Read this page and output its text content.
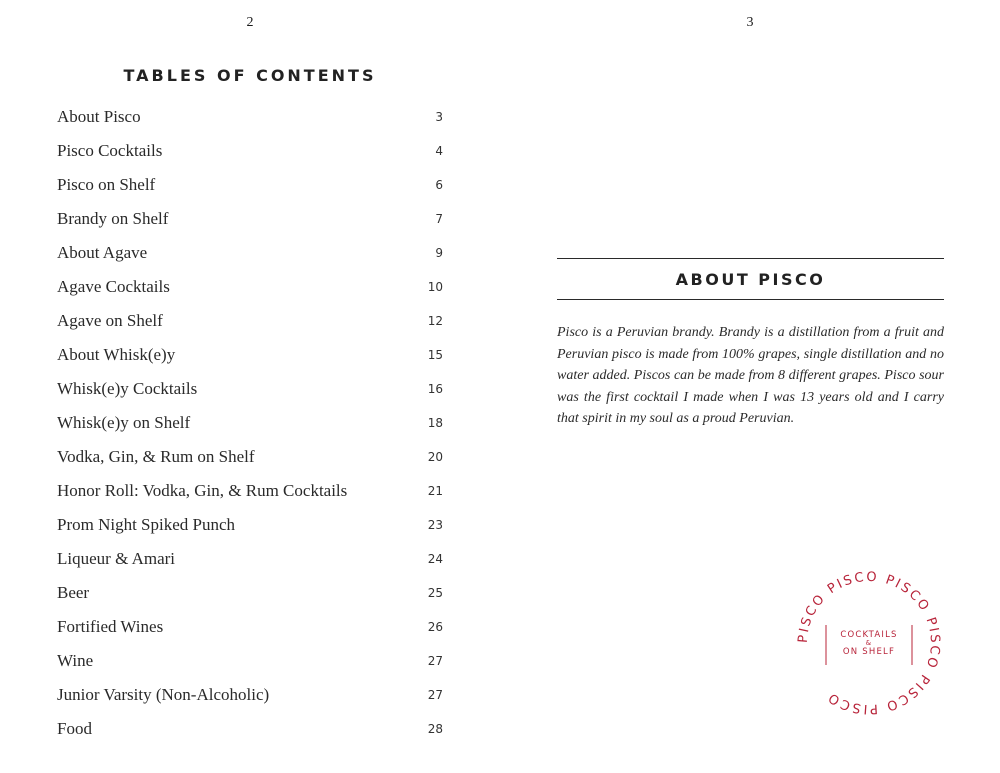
2
TABLES OF CONTENTS
About Pisco	3
Pisco Cocktails	4
Pisco on Shelf	6
Brandy on Shelf	7
About Agave	9
Agave Cocktails	10
Agave on Shelf	12
About Whisk(e)y	15
Whisk(e)y Cocktails	16
Whisk(e)y on Shelf	18
Vodka, Gin, & Rum on Shelf	20
Honor Roll: Vodka, Gin, & Rum Cocktails	21
Prom Night Spiked Punch	23
Liqueur & Amari	24
Beer	25
Fortified Wines	26
Wine	27
Junior Varsity (Non-Alcoholic)	27
Food	28
3
ABOUT PISCO

Pisco is a Peruvian brandy. Brandy is a distillation from a fruit and Peruvian pisco is made from 100% grapes, single distillation and no water added. Piscos can be made from 8 different grapes. Pisco sour was the first cocktail I made when I was 13 years old and I carry that spirit in my soul as a proud Peruvian.

PISCO PISCO PISCO PISCO PISCO PISCO
COCKTAILS
&
ON SHELF
